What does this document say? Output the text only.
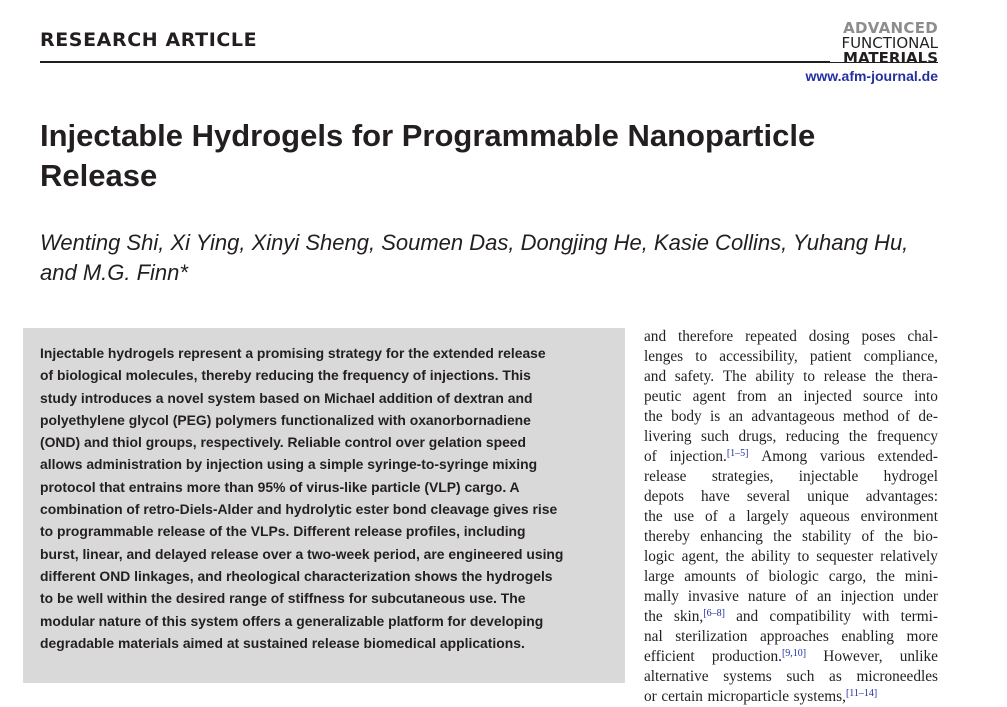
RESEARCH ARTICLE
ADVANCED
FUNCTIONAL
MATERIALS
www.afm-journal.de
Injectable Hydrogels for Programmable Nanoparticle Release

Wenting Shi, Xi Ying, Xinyi Sheng, Soumen Das, Dongjing He, Kasie Collins, Yuhang Hu, and M.G. Finn*

Injectable hydrogels represent a promising strategy for the extended release
of biological molecules, thereby reducing the frequency of injections. This
study introduces a novel system based on Michael addition of dextran and
polyethylene glycol (PEG) polymers functionalized with oxanorbornadiene
(OND) and thiol groups, respectively. Reliable control over gelation speed
allows administration by injection using a simple syringe-to-syringe mixing
protocol that entrains more than 95% of virus-like particle (VLP) cargo. A
combination of retro-Diels-Alder and hydrolytic ester bond cleavage gives rise
to programmable release of the VLPs. Different release profiles, including
burst, linear, and delayed release over a two-week period, are engineered using
different OND linkages, and rheological characterization shows the hydrogels
to be well within the desired range of stiffness for subcutaneous use. The
modular nature of this system offers a generalizable platform for developing
degradable materials aimed at sustained release biomedical applications.
and therefore repeated dosing poses chal-
lenges to accessibility, patient compliance,
and safety. The ability to release the thera-
peutic agent from an injected source into
the body is an advantageous method of de-
livering such drugs, reducing the frequency
of injection.[1–5] Among various extended-
release strategies, injectable hydrogel
depots have several unique advantages:
the use of a largely aqueous environment
thereby enhancing the stability of the bio-
logic agent, the ability to sequester relatively
large amounts of biologic cargo, the mini-
mally invasive nature of an injection under
the skin,[6–8] and compatibility with termi-
nal sterilization approaches enabling more
efficient production.[9,10] However, unlike
alternative systems such as microneedles
or certain microparticle systems,[11–14]
